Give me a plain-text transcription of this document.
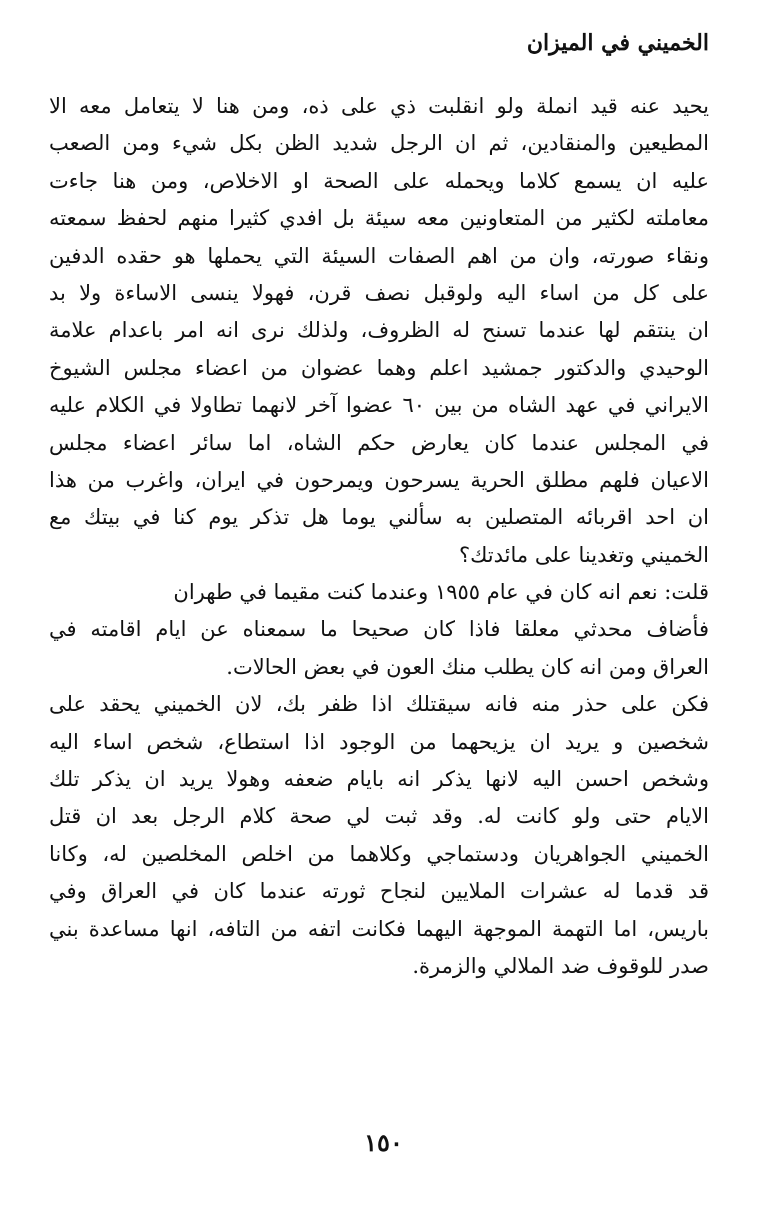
الخميني في الميزان
يحيد عنه قيد انملة ولو انقلبت ذي على ذه، ومن هنا لا يتعامل معه الا
المطيعين والمنقادين، ثم ان الرجل شديد الظن بكل شيء ومن الصعب
عليه ان يسمع كلاما ويحمله على الصحة او الاخلاص، ومن هنا جاءت
معاملته لكثير من المتعاونين معه سيئة بل افدي كثيرا منهم لحفظ سمعته
ونقاء صورته، وان من اهم الصفات السيئة التي يحملها هو حقده الدفين
على كل من اساء اليه ولوقبل نصف قرن، فهولا ينسى الاساءة ولا بد
ان ينتقم لها عندما تسنح له الظروف، ولذلك نرى انه امر باعدام علامة
الوحيدي والدكتور جمشيد اعلم وهما عضوان من اعضاء مجلس الشيوخ
الايراني في عهد الشاه من بين ٦٠ عضوا آخر لانهما تطاولا في الكلام عليه
في المجلس عندما كان يعارض حكم الشاه، اما سائر اعضاء مجلس
الاعيان فلهم مطلق الحرية يسرحون ويمرحون في ايران، واغرب من هذا
ان احد اقربائه المتصلين به سألني يوما هل تذكر يوم كنا في بيتك مع
الخميني وتغدينا على مائدتك؟
قلت: نعم انه كان في عام ١٩٥٥ وعندما كنت مقيما في طهران
فأضاف محدثي معلقا فاذا كان صحيحا ما سمعناه عن ايام اقامته في
العراق ومن انه كان يطلب منك العون في بعض الحالات.
فكن على حذر منه فانه سيقتلك اذا ظفر بك، لان الخميني يحقد على
شخصين و يريد ان يزيحهما من الوجود اذا استطاع، شخص اساء اليه
وشخص احسن اليه لانها يذكر انه بايام ضعفه وهولا يريد ان يذكر تلك
الايام حتى ولو كانت له. وقد ثبت لي صحة كلام الرجل بعد ان قتل
الخميني الجواهريان ودستماجي وكلاهما من اخلص المخلصين له، وكانا
قد قدما له عشرات الملايين لنجاح ثورته عندما كان في العراق وفي
باريس، اما التهمة الموجهة اليهما فكانت اتفه من التافه، انها مساعدة بني
صدر للوقوف ضد الملالي والزمرة.
١٥٠
